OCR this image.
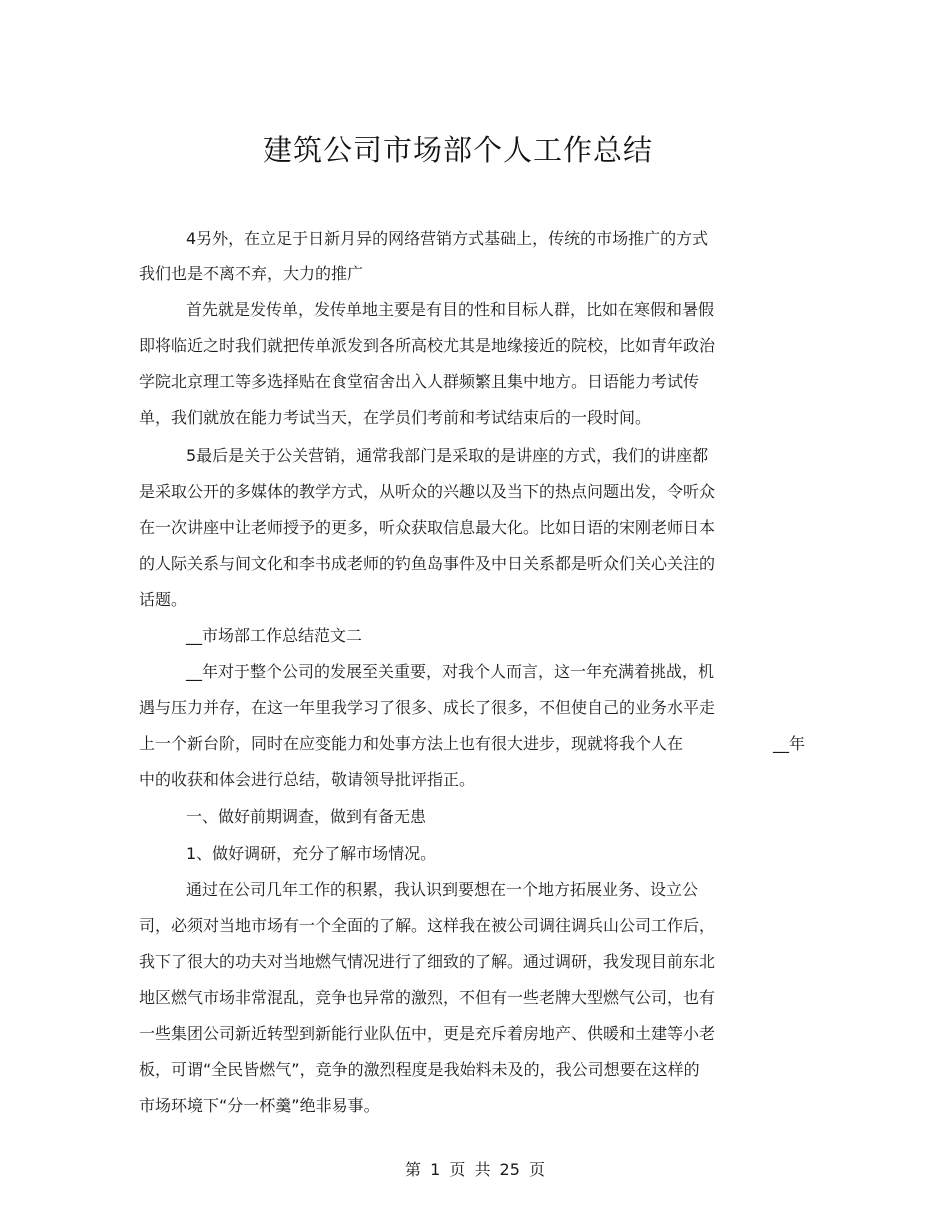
建筑公司市场部个人工作总结
4另外，在立足于日新月异的网络营销方式基础上，传统的市场推广的方式
我们也是不离不弃，大力的推广
首先就是发传单，发传单地主要是有目的性和目标人群，比如在寒假和暑假
即将临近之时我们就把传单派发到各所高校尤其是地缘接近的院校，比如青年政治
学院北京理工等多选择贴在食堂宿舍出入人群频繁且集中地方。日语能力考试传
单，我们就放在能力考试当天，在学员们考前和考试结束后的一段时间。
5最后是关于公关营销，通常我部门是采取的是讲座的方式，我们的讲座都
是采取公开的多媒体的教学方式，从听众的兴趣以及当下的热点问题出发，令听众
在一次讲座中让老师授予的更多，听众获取信息最大化。比如日语的宋刚老师日本
的人际关系与间文化和李书成老师的钓鱼岛事件及中日关系都是听众们关心关注的
话题。
__市场部工作总结范文二
__年对于整个公司的发展至关重要，对我个人而言，这一年充满着挑战，机
遇与压力并存，在这一年里我学习了很多、成长了很多，不但使自己的业务水平走
上一个新台阶，同时在应变能力和处事方法上也有很大进步，现就将我个人在	__年
中的收获和体会进行总结，敬请领导批评指正。
一、做好前期调查，做到有备无患
1、做好调研，充分了解市场情况。
通过在公司几年工作的积累，我认识到要想在一个地方拓展业务、设立公
司，必须对当地市场有一个全面的了解。这样我在被公司调往调兵山公司工作后，
我下了很大的功夫对当地燃气情况进行了细致的了解。通过调研，我发现目前东北
地区燃气市场非常混乱，竞争也异常的激烈，不但有一些老牌大型燃气公司，也有
一些集团公司新近转型到新能行业队伍中，更是充斥着房地产、供暖和土建等小老
板，可谓“全民皆燃气”，竞争的激烈程度是我始料未及的，我公司想要在这样的
市场环境下“分一杯羹”绝非易事。
第 1 页 共 25 页
